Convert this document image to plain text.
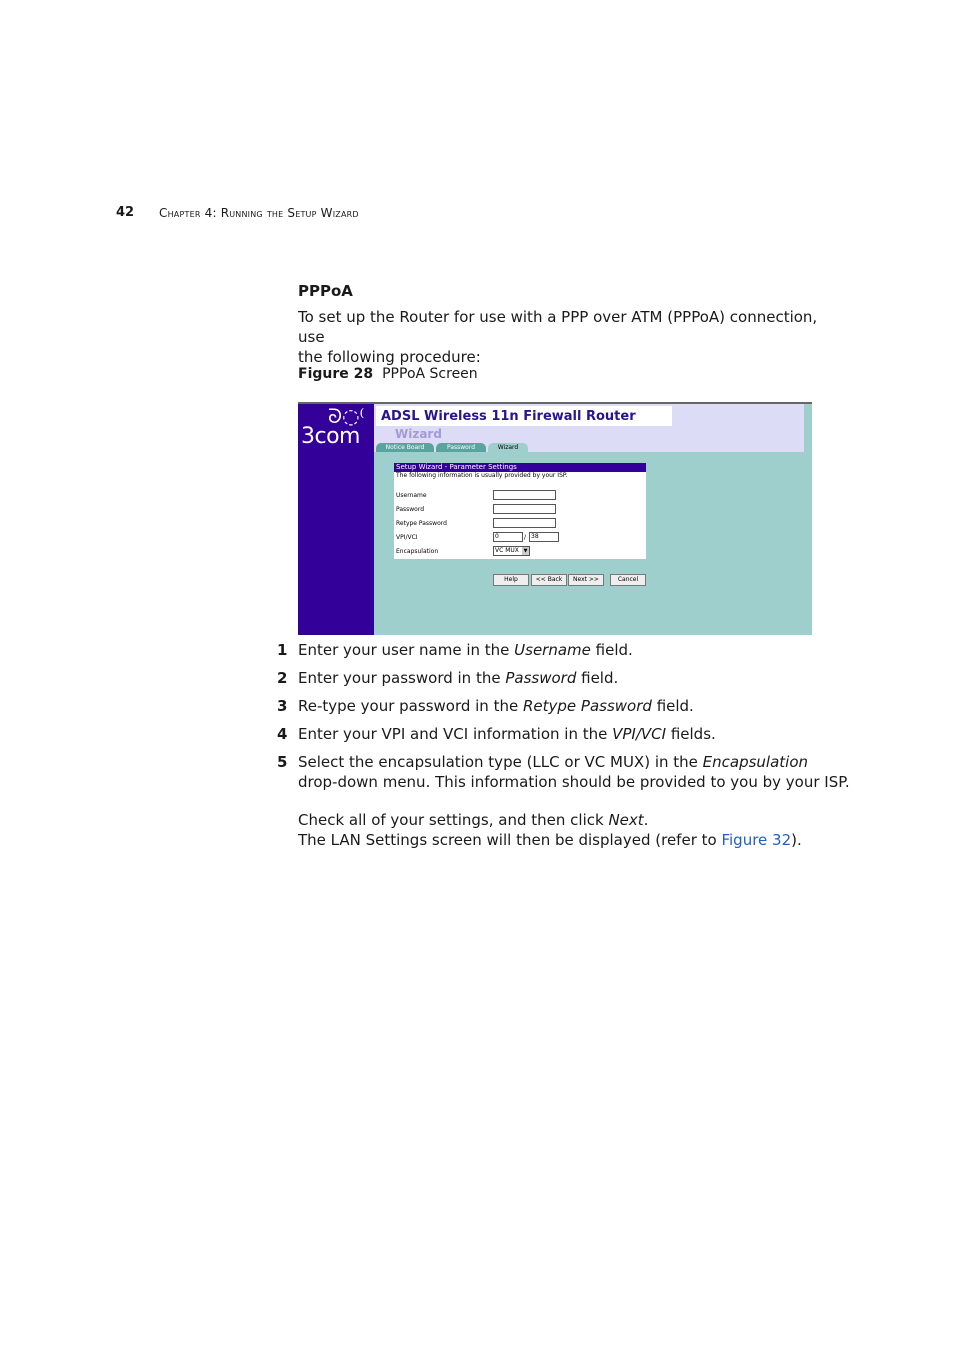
42 Chapter 4: Running the Setup Wizard
PPPoA
To set up the Router for use with a PPP over ATM (PPPoA) connection, use
the following procedure:
Figure 28 PPPoA Screen
ᘐ◌⁽
3com
ADSL Wireless 11n Firewall Router
Wizard
Notice Board	Password	Wizard
Setup Wizard - Parameter Settings
The following information is usually provided by your ISP.
Username
Password
Retype Password
VPI/VCI	0	/ 38
Encapsulation	VC MUX ▼
Help	<< Back	Next >>	Cancel
1 Enter your user name in the Username field.
2 Enter your password in the Password field.
3 Re-type your password in the Retype Password field.
4 Enter your VPI and VCI information in the VPI/VCI fields.
5 Select the encapsulation type (LLC or VC MUX) in the Encapsulation
drop-down menu. This information should be provided to you by your ISP.
Check all of your settings, and then click Next.
The LAN Settings screen will then be displayed (refer to Figure 32).
